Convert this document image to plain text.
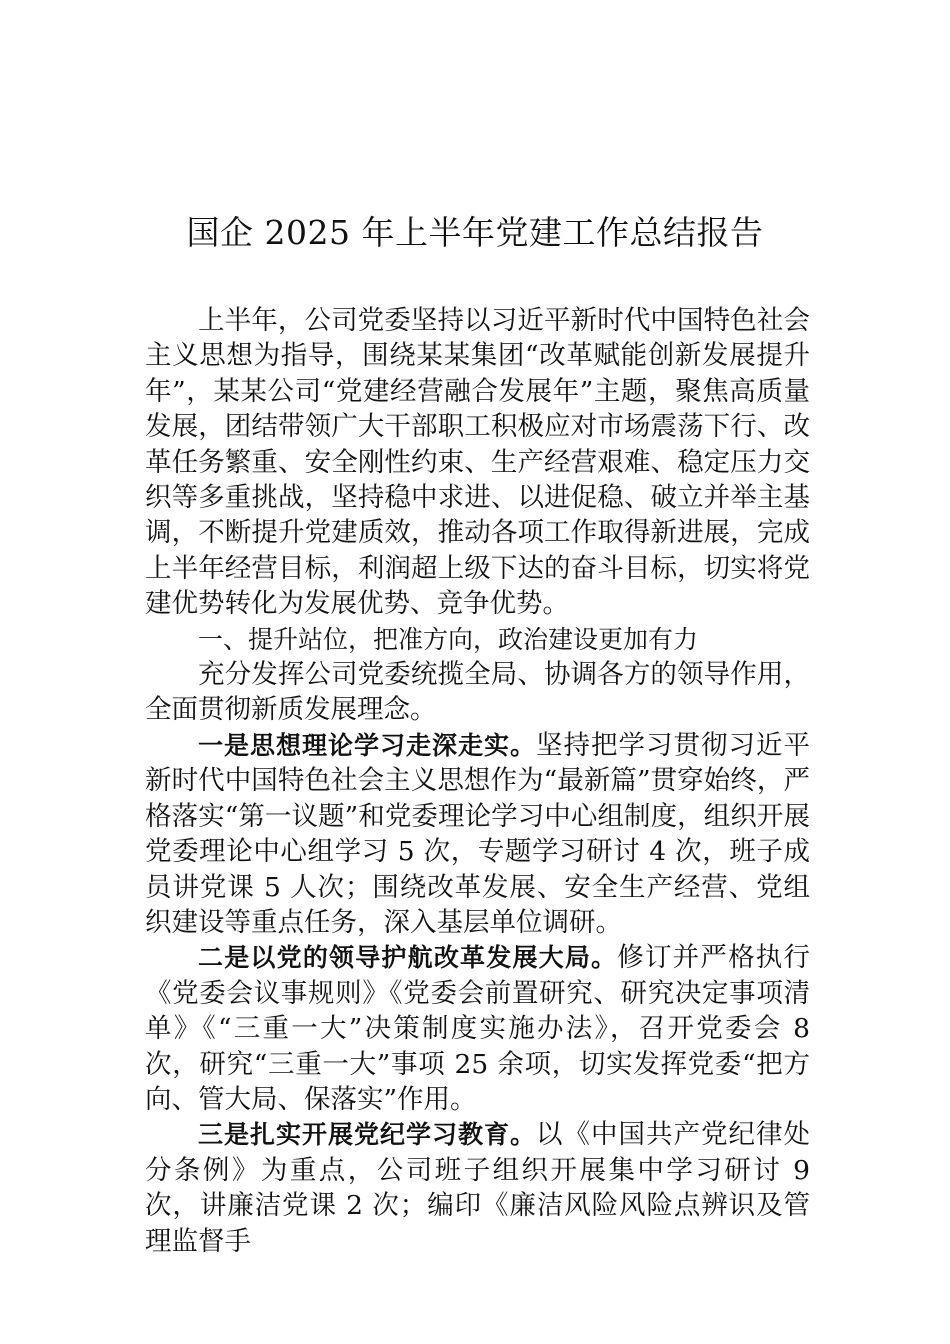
国企 2025 年上半年党建工作总结报告

上半年，公司党委坚持以习近平新时代中国特色社会主义思想为指导，围绕某某集团“改革赋能创新发展提升年”，某某公司“党建经营融合发展年”主题，聚焦高质量发展，团结带领广大干部职工积极应对市场震荡下行、改革任务繁重、安全刚性约束、生产经营艰难、稳定压力交织等多重挑战，坚持稳中求进、以进促稳、破立并举主基调，不断提升党建质效，推动各项工作取得新进展，完成上半年经营目标，利润超上级下达的奋斗目标，切实将党建优势转化为发展优势、竞争优势。

一、提升站位，把准方向，政治建设更加有力

充分发挥公司党委统揽全局、协调各方的领导作用，全面贯彻新质发展理念。

一是思想理论学习走深走实。坚持把学习贯彻习近平新时代中国特色社会主义思想作为“最新篇”贯穿始终，严格落实“第一议题”和党委理论学习中心组制度，组织开展党委理论中心组学习 5 次，专题学习研讨 4 次，班子成员讲党课 5 人次；围绕改革发展、安全生产经营、党组织建设等重点任务，深入基层单位调研。

二是以党的领导护航改革发展大局。修订并严格执行《党委会议事规则》《党委会前置研究、研究决定事项清单》《“三重一大”决策制度实施办法》，召开党委会 8 次，研究“三重一大”事项 25 余项，切实发挥党委“把方向、管大局、保落实”作用。

三是扎实开展党纪学习教育。以《中国共产党纪律处分条例》为重点，公司班子组织开展集中学习研讨 9 次，讲廉洁党课 2 次；编印《廉洁风险风险点辨识及管理监督手
